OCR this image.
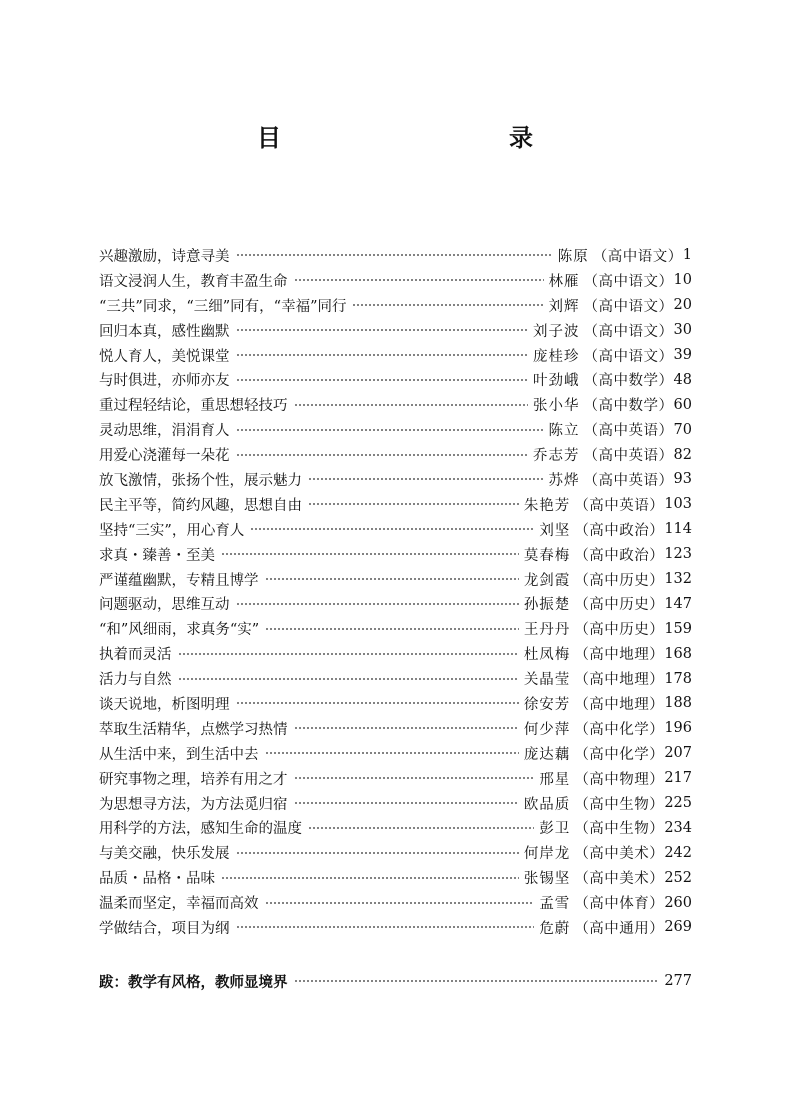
目　　录
兴趣激励，诗意寻美	陈原 （高中语文） 1
语文浸润人生，教育丰盈生命	林雁 （高中语文） 10
“三共”同求，“三细”同有，“幸福”同行	刘辉 （高中语文） 20
回归本真，感性幽默	刘子波 （高中语文） 30
悦人育人，美悦课堂	庞桂珍 （高中语文） 39
与时俱进，亦师亦友	叶劲峨 （高中数学） 48
重过程轻结论，重思想轻技巧	张小华 （高中数学） 60
灵动思维，涓涓育人	陈立 （高中英语） 70
用爱心浇灌每一朵花	乔志芳 （高中英语） 82
放飞激情，张扬个性，展示魅力	苏烨 （高中英语） 93
民主平等，简约风趣，思想自由	朱艳芳 （高中英语） 103
坚持“三实”，用心育人	刘坚 （高中政治） 114
求真・臻善・至美	莫春梅 （高中政治） 123
严谨蕴幽默，专精且博学	龙剑霞 （高中历史） 132
问题驱动，思维互动	孙振楚 （高中历史） 147
“和”风细雨，求真务“实”	王丹丹 （高中历史） 159
执着而灵活	杜凤梅 （高中地理） 168
活力与自然	关晶莹 （高中地理） 178
谈天说地，析图明理	徐安芳 （高中地理） 188
萃取生活精华，点燃学习热情	何少萍 （高中化学） 196
从生活中来，到生活中去	庞达藕 （高中化学） 207
研究事物之理，培养有用之才	邢星 （高中物理） 217
为思想寻方法，为方法觅归宿	欧品质 （高中生物） 225
用科学的方法，感知生命的温度	彭卫 （高中生物） 234
与美交融，快乐发展	何岸龙 （高中美术） 242
品质・品格・品味	张锡坚 （高中美术） 252
温柔而坚定，幸福而高效	孟雪 （高中体育） 260
学做结合，项目为纲	危蔚 （高中通用） 269
跋：教学有风格，教师显境界	277
